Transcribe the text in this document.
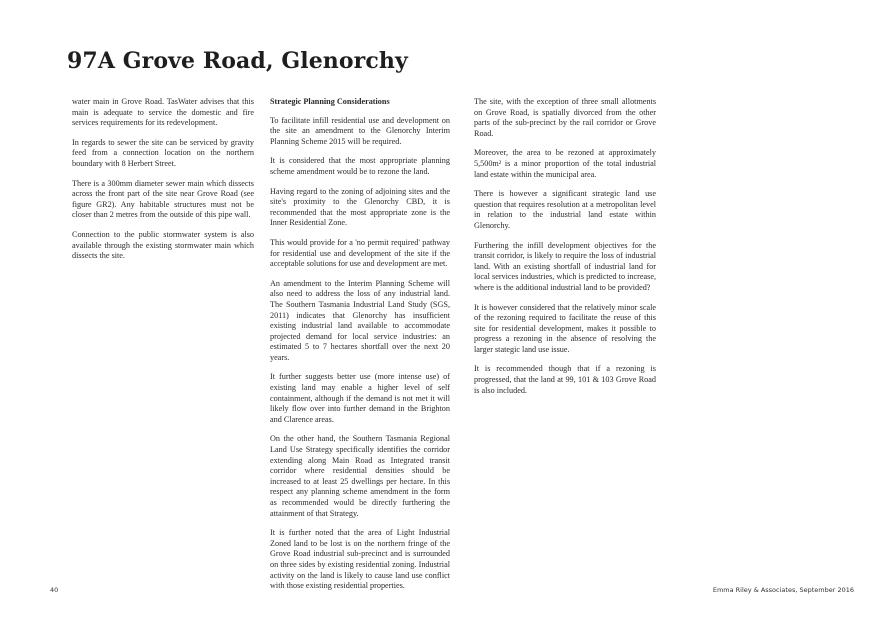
97A Grove Road, Glenorchy

water main in Grove Road. TasWater advises that this main is adequate to service the domestic and fire services requirements for its redevelopment.

In regards to sewer the site can be serviced by gravity feed from a connection location on the northern boundary with 8 Herbert Street.

There is a 300mm diameter sewer main which dissects across the front part of the site near Grove Road (see figure GR2). Any habitable structures must not be closer than 2 metres from the outside of this pipe wall.

Connection to the public stormwater system is also available through the existing stormwater main which dissects the site.

Strategic Planning Considerations

To facilitate infill residential use and development on the site an amendment to the Glenorchy Interim Planning Scheme 2015 will be required.

It is considered that the most appropriate planning scheme amendment would be to rezone the land.

Having regard to the zoning of adjoining sites and the site's proximity to the Glenorchy CBD, it is recommended that the most appropriate zone is the Inner Residential Zone.

This would provide for a 'no permit required' pathway for residential use and development of the site if the acceptable solutions for use and development are met.

An amendment to the Interim Planning Scheme will also need to address the loss of any industrial land. The Southern Tasmania Industrial Land Study (SGS, 2011) indicates that Glenorchy has insufficient existing industrial land available to accommodate projected demand for local service industries: an estimated 5 to 7 hectares shortfall over the next 20 years.

It further suggests better use (more intense use) of existing land may enable a higher level of self containment, although if the demand is not met it will likely flow over into further demand in the Brighton and Clarence areas.

On the other hand, the Southern Tasmania Regional Land Use Strategy specifically identifies the corridor extending along Main Road as Integrated transit corridor where residential densities should be increased to at least 25 dwellings per hectare. In this respect any planning scheme amendment in the form as recommended would be directly furthering the attainment of that Strategy.

It is further noted that the area of Light Industrial Zoned land to be lost is on the northern fringe of the Grove Road industrial sub-precinct and is surrounded on three sides by existing residential zoning. Industrial activity on the land is likely to cause land use conflict with those existing residential properties.

The site, with the exception of three small allotments on Grove Road, is spatially divorced from the other parts of the sub-precinct by the rail corridor or Grove Road.

Moreover, the area to be rezoned at approximately 5,500m² is a minor proportion of the total industrial land estate within the municipal area.

There is however a significant strategic land use question that requires resolution at a metropolitan level in relation to the industrial land estate within Glenorchy.

Furthering the infill development objectives for the transit corridor, is likely to require the loss of industrial land. With an existing shortfall of industrial land for local services industries, which is predicted to increase, where is the additional industrial land to be provided?

It is however considered that the relatively minor scale of the rezoning required to facilitate the reuse of this site for residential development, makes it possible to progress a rezoning in the absence of resolving the larger stategic land use issue.

It is recommended though that if a rezoning is progressed, that the land at 99, 101 & 103 Grove Road is also included.

40	Emma Riley & Associates, September 2016
